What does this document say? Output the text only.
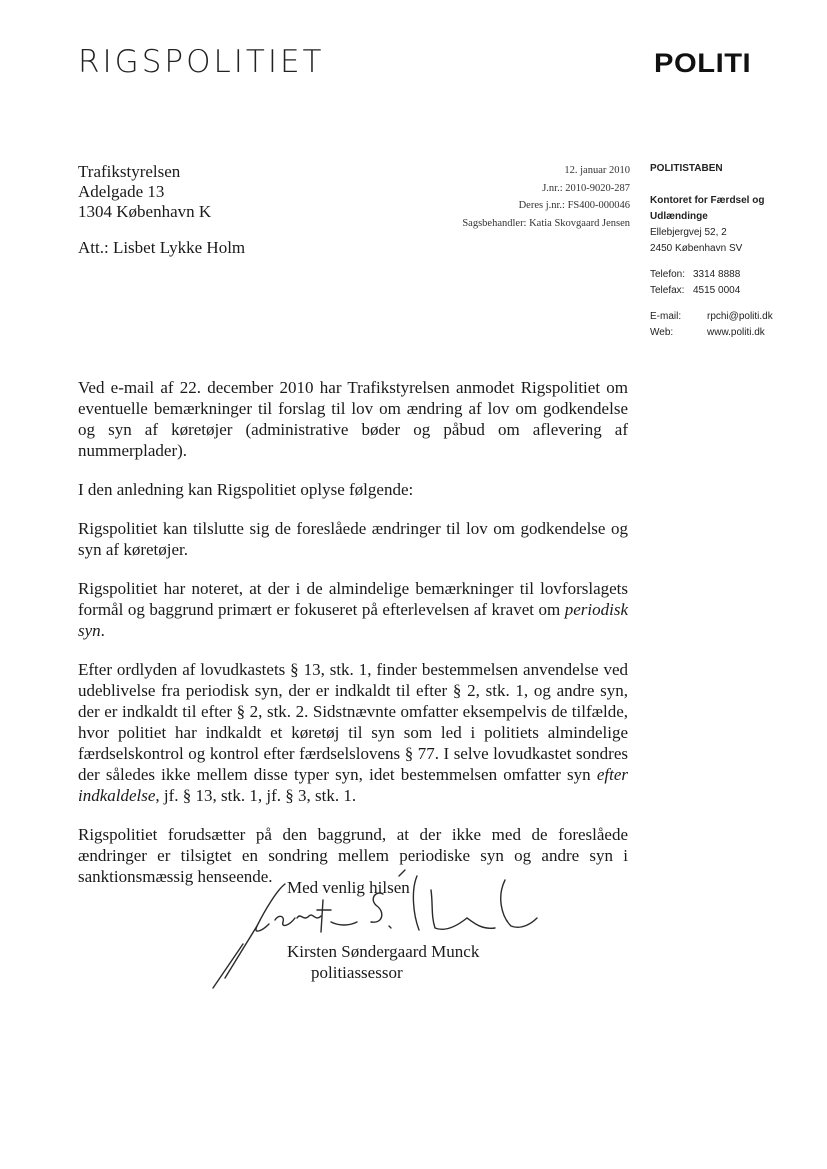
RIGSPOLITIET	POLITI
Trafikstyrelsen
Adelgade 13
1304 København K
Att.: Lisbet Lykke Holm
12. januar 2010
J.nr.: 2010-9020-287
Deres j.nr.: FS400-000046
Sagsbehandler: Katia Skovgaard Jensen
POLITISTABEN
Kontoret for Færdsel og
Udlændinge
Ellebjergvej 52, 2
2450 København SV
Telefon: 3314 8888
Telefax: 4515 0004
E-mail:	rpchi@politi.dk
Web:	www.politi.dk

Ved e-mail af 22. december 2010 har Trafikstyrelsen anmodet Rigspolitiet om eventuelle bemærkninger til forslag til lov om ændring af lov om godkendelse og syn af køretøjer (administrative bøder og påbud om aflevering af nummerplader).

I den anledning kan Rigspolitiet oplyse følgende:

Rigspolitiet kan tilslutte sig de foreslåede ændringer til lov om godkendelse og syn af køretøjer.

Rigspolitiet har noteret, at der i de almindelige bemærkninger til lovforslagets formål og baggrund primært er fokuseret på efterlevelsen af kravet om periodisk syn.

Efter ordlyden af lovudkastets § 13, stk. 1, finder bestemmelsen anvendelse ved udeblivelse fra periodisk syn, der er indkaldt til efter § 2, stk. 1, og andre syn, der er indkaldt til efter § 2, stk. 2. Sidstnævnte omfatter eksempelvis de tilfælde, hvor politiet har indkaldt et køretøj til syn som led i politiets almindelige færdselskontrol og kontrol efter færdselslovens § 77. I selve lovudkastet sondres der således ikke mellem disse typer syn, idet bestemmelsen omfatter syn efter indkaldelse, jf. § 13, stk. 1, jf. § 3, stk. 1.

Rigspolitiet forudsætter på den baggrund, at der ikke med de foreslåede ændringer er tilsigtet en sondring mellem periodiske syn og andre syn i sanktionsmæssig henseende.

Med venlig hilsen
Kirsten Søndergaard Munck
politiassessor
